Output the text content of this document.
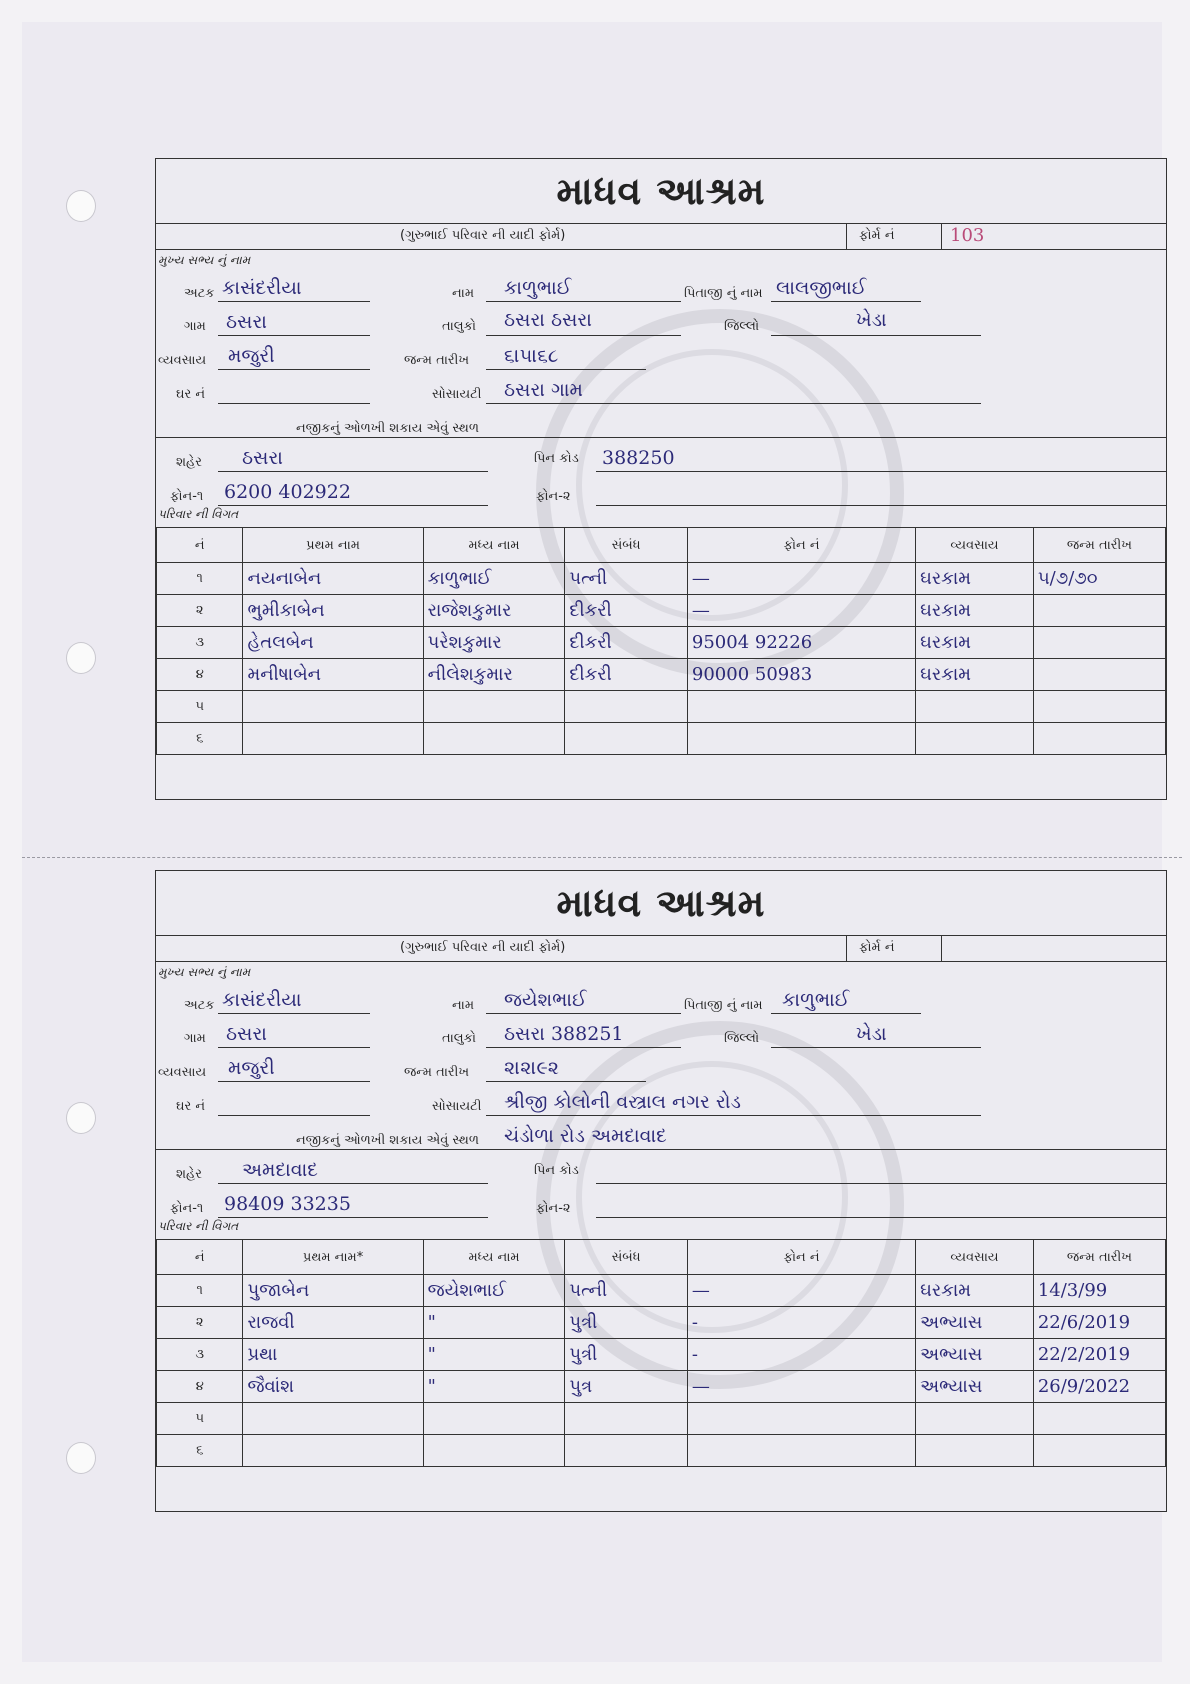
માધવ આશ્રમ
(ગુરુભાઈ પરિવાર ની યાદી ફોર્મ)	ફોર્મ નં	103
મુખ્ય સભ્ય નું નામ
અટક કાસંદરીયા	નામ કાળુભાઈ	પિતાજી નું નામ લાલજીભાઈ
ગામ ઠસરા	તાલુકો ઠસરા ઠસરા	જિલ્લો	ખેડા
વ્યવસાય મજુરી	જન્મ તારીખ ૬।૫।૬૮
ઘર નં	સોસાયટી ઠસરા ગામ
નજીકનું ઓળખી શકાય એવું સ્થળ
શહેર ઠસરા	પિન કોડ 388250
ફોન-૧ 6200 402922	ફોન-૨
પરિવાર ની વિગત
નં	પ્રથમ નામ	મધ્ય નામ	સંબંધ	ફોન નં	વ્યવસાય	જન્મ તારીખ
૧	નયનાબેન	કાળુભાઈ	પત્ની	—	ઘરકામ	૫/૭/૭૦
૨	ભુમીકાબેન	રાજેશકુમાર	દીકરી	—	ઘરકામ	
૩	હેતલબેન	પરેશકુમાર	દીકરી	95004 92226	ઘરકામ	
૪	મનીષાબેન	નીલેશકુમાર	દીકરી	90000 50983	ઘરકામ	
૫						
૬						
માધવ આશ્રમ
(ગુરુભાઈ પરિવાર ની યાદી ફોર્મ)	ફોર્મ નં
મુખ્ય સભ્ય નું નામ
અટક કાસંદરીયા	નામ જયેશભાઈ	પિતાજી નું નામ કાળુભાઈ
ગામ ઠસરા	તાલુકો ઠસરા 388251	જિલ્લો	ખેડા
વ્યવસાય મજુરી	જન્મ તારીખ ૨।૨।૯૨
ઘર નં	સોસાયટી શ્રીજી કોલોની વસ્ત્રાલ નગર રોડ
નજીકનું ઓળખી શકાય એવું સ્થળ ચંડોળા રોડ અમદાવાદ
શહેર અમદાવાદ	પિન કોડ
ફોન-૧ 98409 33235	ફોન-૨
પરિવાર ની વિગત
નં	પ્રથમ નામ*	મધ્ય નામ	સંબંધ	ફોન નં	વ્યવસાય	જન્મ તારીખ
૧	પુજાબેન	જયેશભાઈ	પત્ની	—	ઘરકામ	14/3/99
૨	રાજવી	"	પુત્રી	-	અભ્યાસ	22/6/2019
૩	પ્રથા	"	પુત્રી	-	અભ્યાસ	22/2/2019
૪	જૈવાંશ	"	પુત્ર	—	અભ્યાસ	26/9/2022
૫						
૬						
